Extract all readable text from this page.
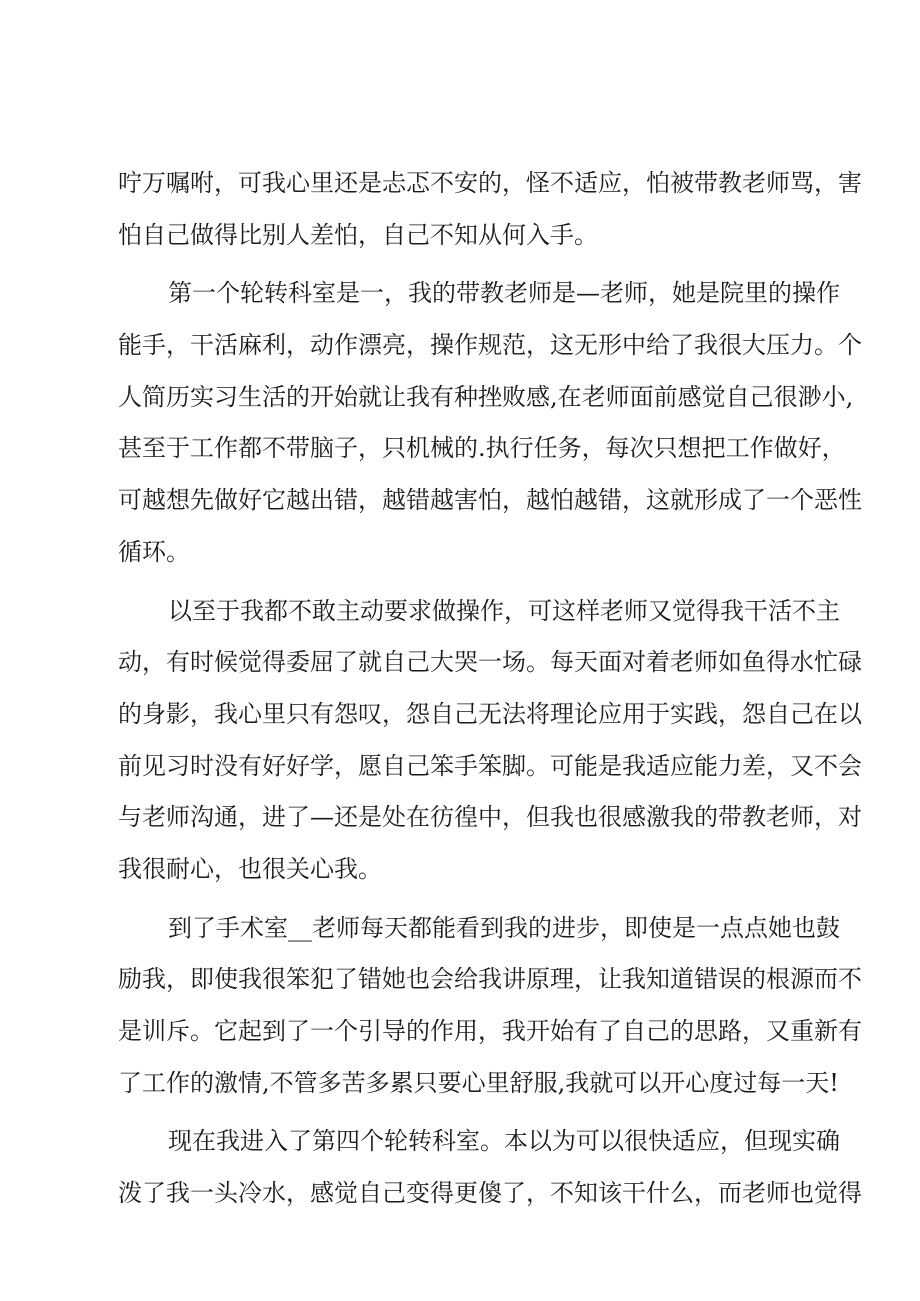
咛万嘱咐，可我心里还是忐忑不安的，怪不适应，怕被带教老师骂，害
怕自己做得比别人差怕，自己不知从何入手。
第一个轮转科室是一，我的带教老师是—老师，她是院里的操作
能手，干活麻利，动作漂亮，操作规范，这无形中给了我很大压力。个
人简历实习生活的开始就让我有种挫败感,在老师面前感觉自己很渺小,
甚至于工作都不带脑子，只机械的.执行任务，每次只想把工作做好，
可越想先做好它越出错，越错越害怕，越怕越错，这就形成了一个恶性
循环。
以至于我都不敢主动要求做操作，可这样老师又觉得我干活不主
动，有时候觉得委屈了就自己大哭一场。每天面对着老师如鱼得水忙碌
的身影，我心里只有怨叹，怨自己无法将理论应用于实践，怨自己在以
前见习时没有好好学，愿自己笨手笨脚。可能是我适应能力差，又不会
与老师沟通，进了—还是处在彷徨中，但我也很感激我的带教老师，对
我很耐心，也很关心我。
到了手术室__老师每天都能看到我的进步，即使是一点点她也鼓
励我，即使我很笨犯了错她也会给我讲原理，让我知道错误的根源而不
是训斥。它起到了一个引导的作用，我开始有了自己的思路，又重新有
了工作的激情,不管多苦多累只要心里舒服,我就可以开心度过每一天!
现在我进入了第四个轮转科室。本以为可以很快适应，但现实确
泼了我一头冷水，感觉自己变得更傻了，不知该干什么，而老师也觉得
